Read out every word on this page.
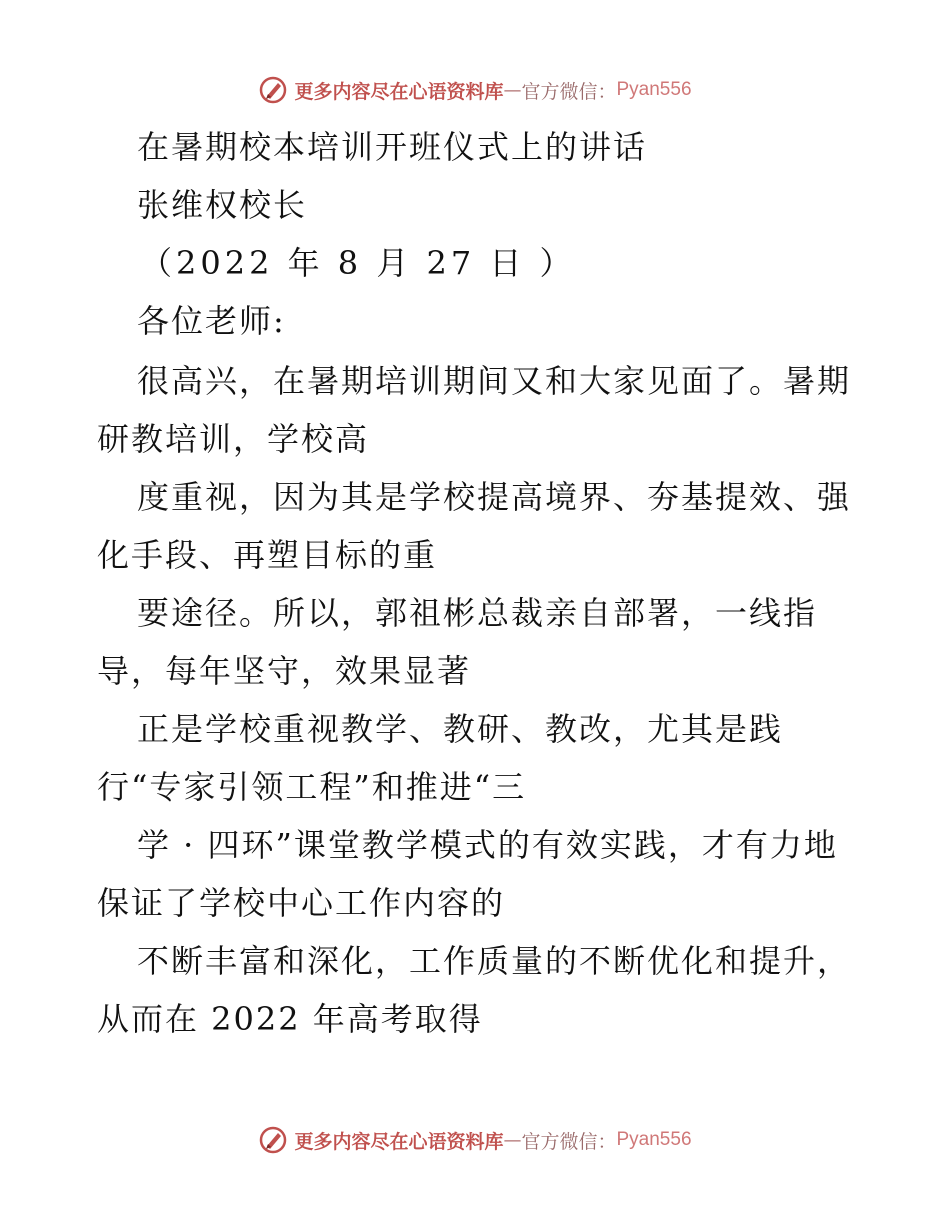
更多内容尽在心语资料库 — 官方微信： Pyan556
在暑期校本培训开班仪式上的讲话
张维权校长
（2022 年 8 月 27 日 ）
各位老师:
很高兴，在暑期培训期间又和大家见面了。暑期
研教培训，学校高
度重视，因为其是学校提高境界、夯基提效、强
化手段、再塑目标的重
要途径。所以，郭祖彬总裁亲自部署，一线指
导，每年坚守，效果显著
正是学校重视教学、教研、教改，尤其是践
行“专家引领工程”和推进“三
学 · 四环”课堂教学模式的有效实践，才有力地
保证了学校中心工作内容的
不断丰富和深化，工作质量的不断优化和提升，
从而在 2022 年高考取得
更多内容尽在心语资料库 — 官方微信： Pyan556
